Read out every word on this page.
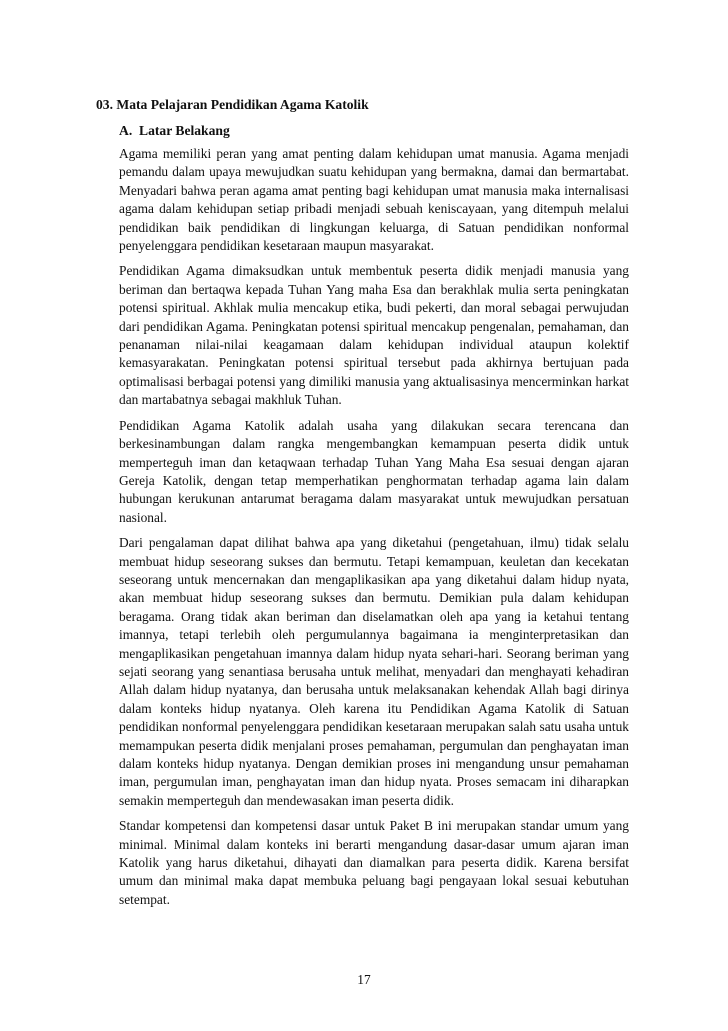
03. Mata Pelajaran Pendidikan Agama Katolik
A. Latar Belakang

Agama memiliki peran yang amat penting dalam kehidupan umat manusia. Agama menjadi pemandu dalam upaya mewujudkan suatu kehidupan yang bermakna, damai dan bermartabat. Menyadari bahwa peran agama amat penting bagi kehidupan umat manusia maka internalisasi agama dalam kehidupan setiap pribadi menjadi sebuah keniscayaan, yang ditempuh melalui pendidikan baik pendidikan di lingkungan keluarga, di Satuan pendidikan nonformal penyelenggara pendidikan kesetaraan maupun masyarakat.

Pendidikan Agama dimaksudkan untuk membentuk peserta didik menjadi manusia yang beriman dan bertaqwa kepada Tuhan Yang maha Esa dan berakhlak mulia serta peningkatan potensi spiritual. Akhlak mulia mencakup etika, budi pekerti, dan moral sebagai perwujudan dari pendidikan Agama. Peningkatan potensi spiritual mencakup pengenalan, pemahaman, dan penanaman nilai-nilai keagamaan dalam kehidupan individual ataupun kolektif kemasyarakatan. Peningkatan potensi spiritual tersebut pada akhirnya bertujuan pada optimalisasi berbagai potensi yang dimiliki manusia yang aktualisasinya mencerminkan harkat dan martabatnya sebagai makhluk Tuhan.

Pendidikan Agama Katolik adalah usaha yang dilakukan secara terencana dan berkesinambungan dalam rangka mengembangkan kemampuan peserta didik untuk memperteguh iman dan ketaqwaan terhadap Tuhan Yang Maha Esa sesuai dengan ajaran Gereja Katolik, dengan tetap memperhatikan penghormatan terhadap agama lain dalam hubungan kerukunan antarumat beragama dalam masyarakat untuk mewujudkan persatuan nasional.

Dari pengalaman dapat dilihat bahwa apa yang diketahui (pengetahuan, ilmu) tidak selalu membuat hidup seseorang sukses dan bermutu. Tetapi kemampuan, keuletan dan kecekatan seseorang untuk mencernakan dan mengaplikasikan apa yang diketahui dalam hidup nyata, akan membuat hidup seseorang sukses dan bermutu. Demikian pula dalam kehidupan beragama. Orang tidak akan beriman dan diselamatkan oleh apa yang ia ketahui tentang imannya, tetapi terlebih oleh pergumulannya bagaimana ia menginterpretasikan dan mengaplikasikan pengetahuan imannya dalam hidup nyata sehari-hari. Seorang beriman yang sejati seorang yang senantiasa berusaha untuk melihat, menyadari dan menghayati kehadiran Allah dalam hidup nyatanya, dan berusaha untuk melaksanakan kehendak Allah bagi dirinya dalam konteks hidup nyatanya. Oleh karena itu Pendidikan Agama Katolik di Satuan pendidikan nonformal penyelenggara pendidikan kesetaraan merupakan salah satu usaha untuk memampukan peserta didik menjalani proses pemahaman, pergumulan dan penghayatan iman dalam konteks hidup nyatanya. Dengan demikian proses ini mengandung unsur pemahaman iman, pergumulan iman, penghayatan iman dan hidup nyata. Proses semacam ini diharapkan semakin memperteguh dan mendewasakan iman peserta didik.

Standar kompetensi dan kompetensi dasar untuk Paket B ini merupakan standar umum yang minimal. Minimal dalam konteks ini berarti mengandung dasar-dasar umum ajaran iman Katolik yang harus diketahui, dihayati dan diamalkan para peserta didik. Karena bersifat umum dan minimal maka dapat membuka peluang bagi pengayaan lokal sesuai kebutuhan setempat.

17
